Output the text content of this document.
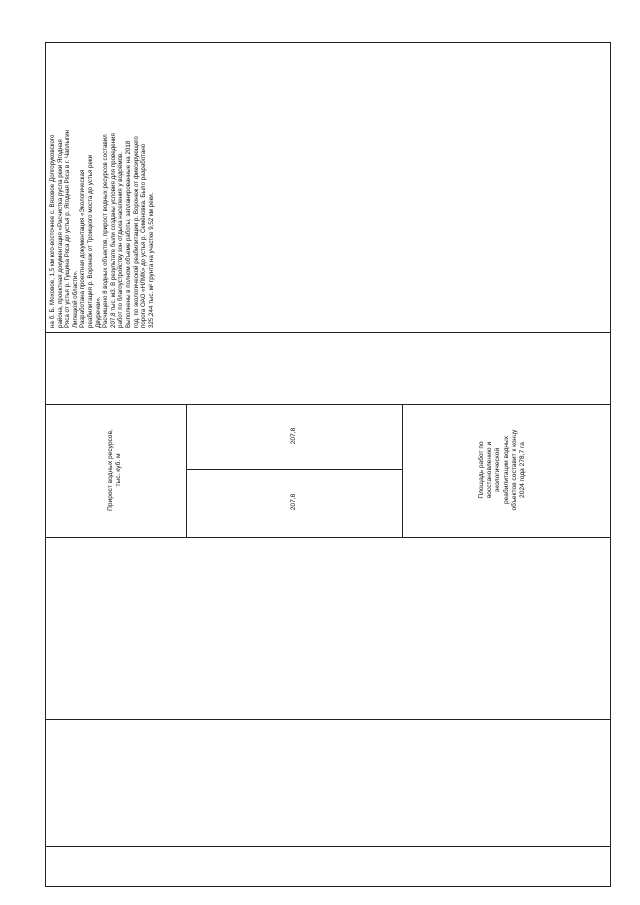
на б. Б. Моховое, 1,5 км юго-восточнее с. Вязовое Долгоруковского
района, проектная документация «Расчистка русла реки Ягодная
Ряса от устья р. Гущина Ряса до устья р. Ягодная Ряса в г. Чаплыгин
Липецкой области».
Разработана проектная документация «Экологическая
реабилитация р. Воронеж от Троицкого моста до устья реки
Двуречки».
Расчищено 8 водных объектов, прирост водных ресурсов составил
207,8 тыс. м3. В результате были созданы условия для проведения
работ по благоустройству зон отдыха населения у водоёмов.
Выполнены в полном объеме работы, запланированные на 2018
год, по экологической реабилитации р. Воронеж от фиксирующего
порога ОАО «НЛМК» до устья р. Семёновка. Было разработано
325,244 тыс. м² грунта на участке 9,52 км реки.
Прирост водных ресурсов,
тыс. куб. м
207,8
207,8
Площадь работ по
восстановлению и
экологической
реабилитации водных
объектов составит к концу
2024 года 278,7 га
